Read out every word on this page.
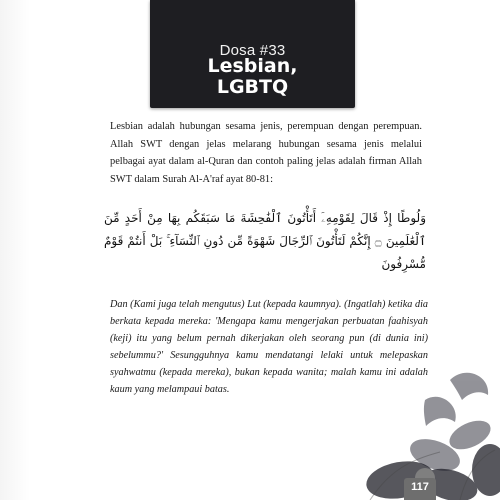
Dosa #33
Lesbian,
LGBTQ
Lesbian adalah hubungan sesama jenis, perempuan dengan perempuan. Allah SWT dengan jelas melarang hubungan sesama jenis melalui pelbagai ayat dalam al-Quran dan contoh paling jelas adalah firman Allah SWT dalam Surah Al-A'raf ayat 80-81:
وَلُوطًا إِذْ قَالَ لِقَوْمِهِۦٓ أَتَأْتُونَ ٱلْفَٰحِشَةَ مَا سَبَقَكُم بِهَا مِنْ أَحَدٍ مِّنَ ٱلْعَٰلَمِينَ ۝ إِنَّكُمْ لَتَأْتُونَ ٱلرِّجَالَ شَهْوَةً مِّن دُونِ ٱلنِّسَآءِ ۚ بَلْ أَنتُمْ قَوْمٌ مُّسْرِفُونَ
Dan (Kami juga telah mengutus) Lut (kepada kaumnya). (Ingatlah) ketika dia berkata kepada mereka: 'Mengapa kamu mengerjakan perbuatan faahisyah (keji) itu yang belum pernah dikerjakan oleh seorang pun (di dunia ini) sebelummu?' Sesungguhnya kamu mendatangi lelaki untuk melepaskan syahwatmu (kepada mereka), bukan kepada wanita; malah kamu ini adalah kaum yang melampaui batas.
117
